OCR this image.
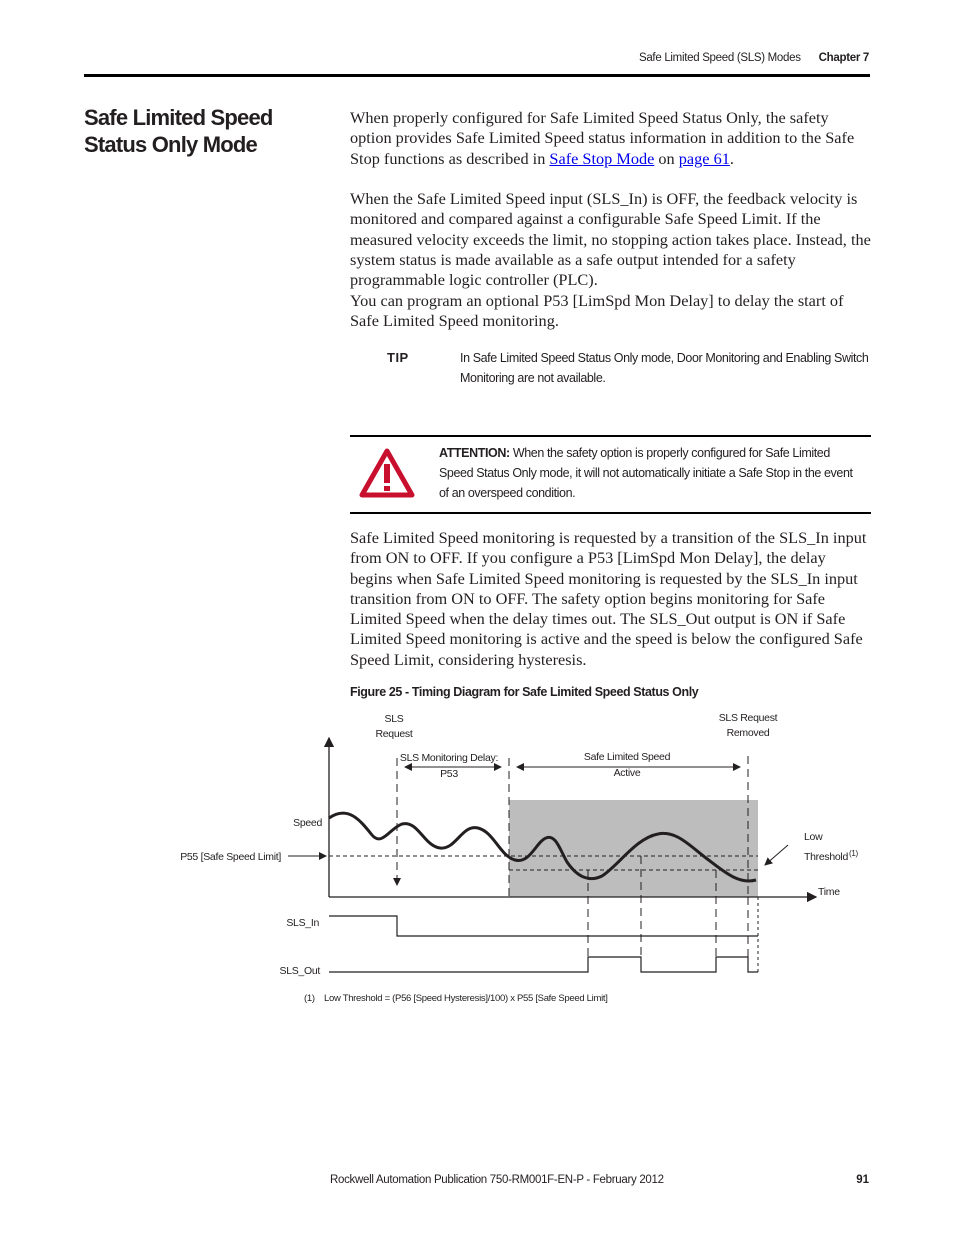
Safe Limited Speed (SLS) Modes Chapter 7
Safe Limited Speed Status Only Mode

When properly configured for Safe Limited Speed Status Only, the safety option provides Safe Limited Speed status information in addition to the Safe Stop functions as described in Safe Stop Mode on page 61.

When the Safe Limited Speed input (SLS_In) is OFF, the feedback velocity is monitored and compared against a configurable Safe Speed Limit. If the measured velocity exceeds the limit, no stopping action takes place. Instead, the system status is made available as a safe output intended for a safety programmable logic controller (PLC).

You can program an optional P53 [LimSpd Mon Delay] to delay the start of Safe Limited Speed monitoring.

TIP	In Safe Limited Speed Status Only mode, Door Monitoring and Enabling Switch Monitoring are not available.
ATTENTION: When the safety option is properly configured for Safe Limited Speed Status Only mode, it will not automatically initiate a Safe Stop in the event of an overspeed condition.

Safe Limited Speed monitoring is requested by a transition of the SLS_In input from ON to OFF. If you configure a P53 [LimSpd Mon Delay], the delay begins when Safe Limited Speed monitoring is requested by the SLS_In input transition from ON to OFF. The safety option begins monitoring for Safe Limited Speed when the delay times out. The SLS_Out output is ON if Safe Limited Speed monitoring is active and the speed is below the configured Safe Speed Limit, considering hysteresis.

Figure 25 - Timing Diagram for Safe Limited Speed Status Only
SLS
Request
SLS Request
Removed
SLS Monitoring Delay:
P53
Safe Limited Speed
Active
Speed
P55 [Safe Speed Limit]
Low
Threshold (1)
Time
SLS_In
SLS_Out
(1) Low Threshold = (P56 [Speed Hysteresis]/100) x P55 [Safe Speed Limit]
Rockwell Automation Publication 750-RM001F-EN-P - February 2012	91
